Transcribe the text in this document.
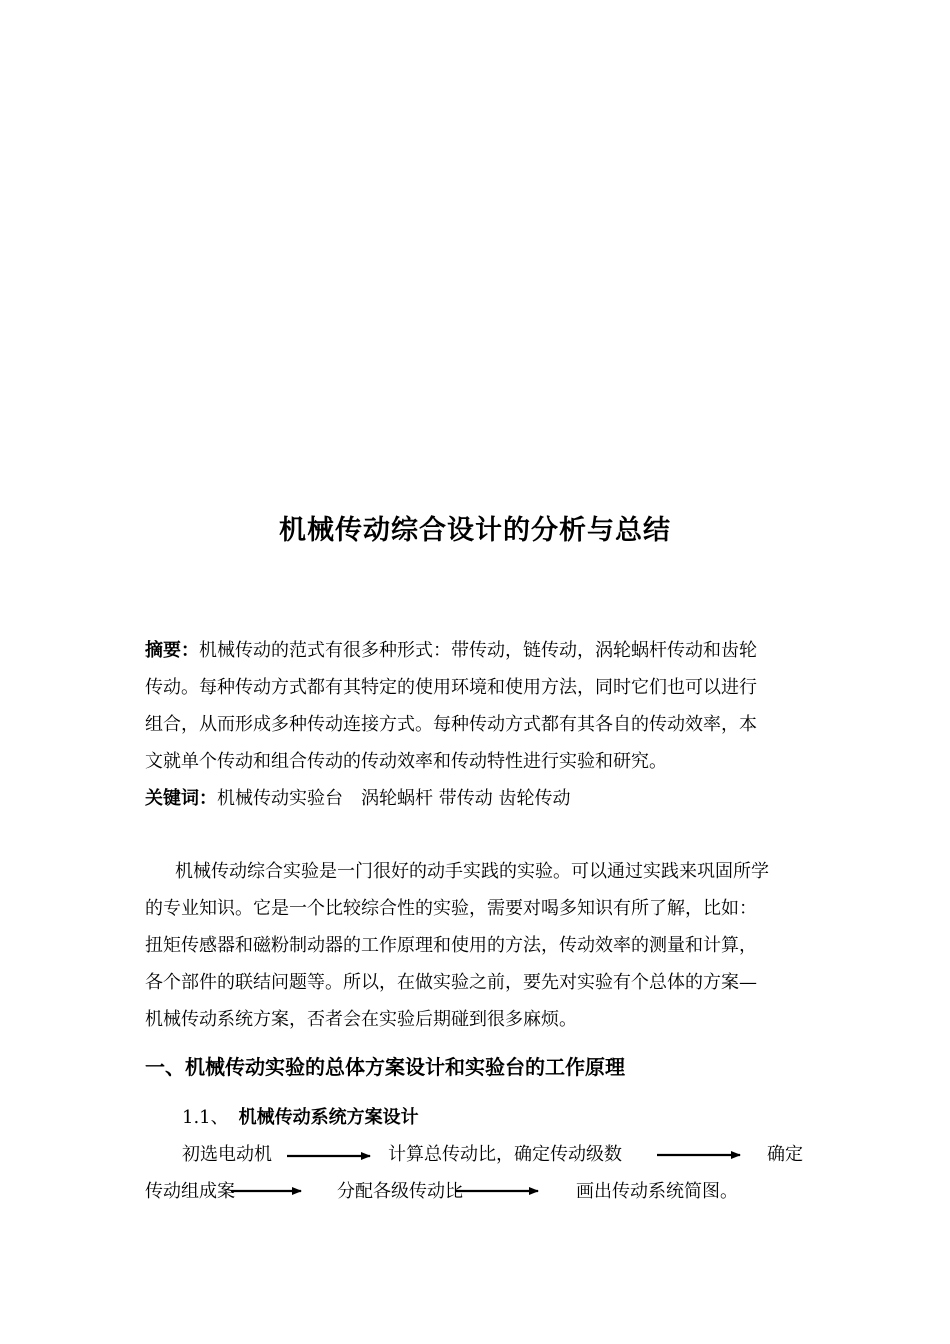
机械传动综合设计的分析与总结
摘要：机械传动的范式有很多种形式：带传动，链传动，涡轮蜗杆传动和齿轮
传动。每种传动方式都有其特定的使用环境和使用方法，同时它们也可以进行
组合，从而形成多种传动连接方式。每种传动方式都有其各自的传动效率，本
文就单个传动和组合传动的传动效率和传动特性进行实验和研究。
关键词：机械传动实验台　涡轮蜗杆 带传动 齿轮传动
机械传动综合实验是一门很好的动手实践的实验。可以通过实践来巩固所学
的专业知识。它是一个比较综合性的实验，需要对喝多知识有所了解，比如：
扭矩传感器和磁粉制动器的工作原理和使用的方法，传动效率的测量和计算，
各个部件的联结问题等。所以，在做实验之前，要先对实验有个总体的方案—
机械传动系统方案，否者会在实验后期碰到很多麻烦。
一、机械传动实验的总体方案设计和实验台的工作原理
1.1、 机械传动系统方案设计
初选电动机	计算总传动比，确定传动级数	确定
传动组成案	分配各级传动比	画出传动系统简图。
